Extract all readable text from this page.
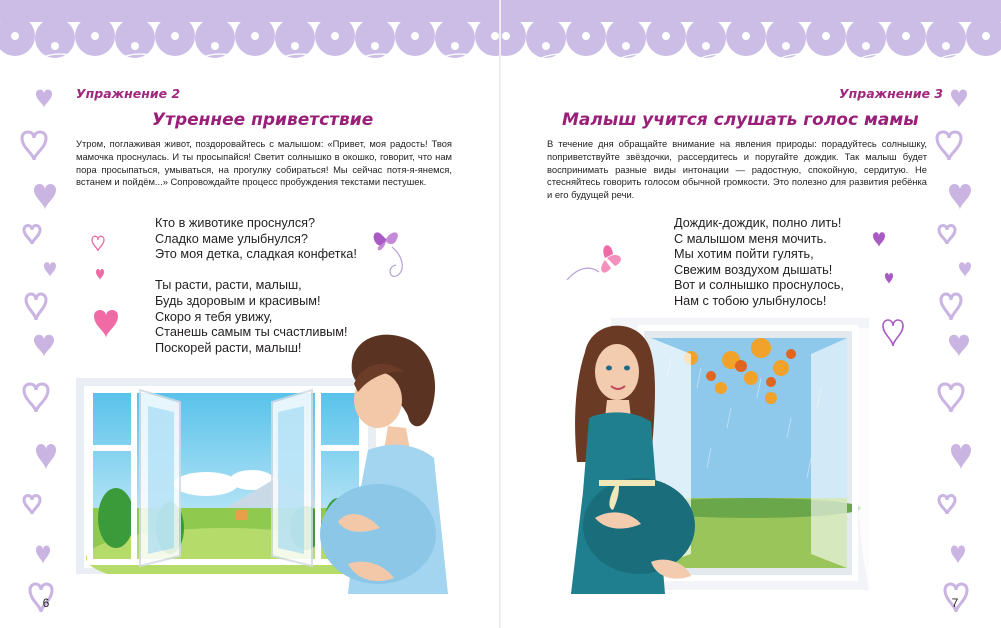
Упражнение 2
Утреннее приветствие

Утром, поглаживая живот, поздоровайтесь с малышом: «Привет, моя радость! Твоя мамочка проснулась. И ты просыпайся! Светит солнышко в окошко, говорит, что нам пора просыпаться, умываться, на прогулку собираться! Мы сейчас потя-я-янемся, встанем и пойдём...» Сопровождайте процесс пробуждения текстами пестушек.

Кто в животике проснулся?
Сладко маме улыбнулся?
Это моя детка, сладкая конфетка!
Ты расти, расти, малыш,
Будь здоровым и красивым!
Скоро я тебя увижу,
Станешь самым ты счастливым!
Поскорей расти, малыш!
6
Упражнение 3
Малыш учится слушать голос мамы

В течение дня обращайте внимание на явления природы: порадуйтесь солнышку, поприветствуйте звёздочки, рассердитесь и поругайте дождик. Так малыш будет воспринимать разные виды интонации — радостную, спокойную, сердитую. Не стесняйтесь говорить голосом обычной громкости. Это полезно для развития ребёнка и его будущей речи.

Дождик-дождик, полно лить!
С малышом меня мочить.
Мы хотим пойти гулять,
Свежим воздухом дышать!
Вот и солнышко проснулось,
Нам с тобою улыбнулось!
7
